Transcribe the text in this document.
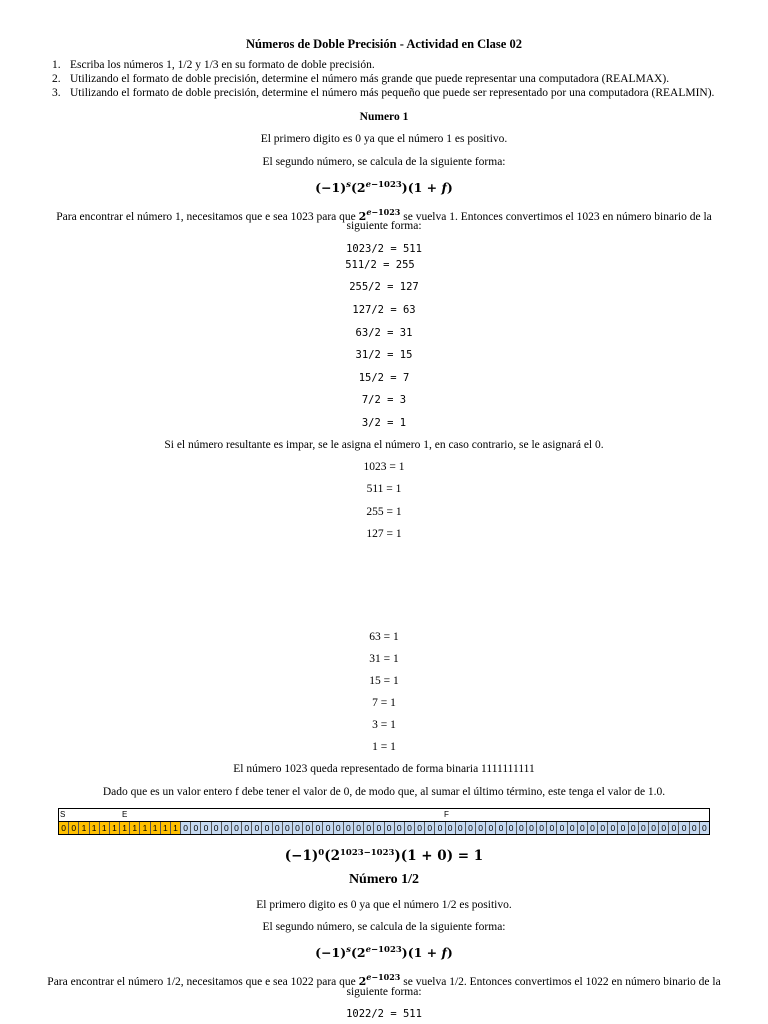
Números de Doble Precisión - Actividad en Clase 02
1. Escriba los números 1, 1/2 y 1/3 en su formato de doble precisión.
2. Utilizando el formato de doble precisión, determine el número más grande que puede representar una computadora (REALMAX).
3. Utilizando el formato de doble precisión, determine el número más pequeño que puede ser representado por una computadora (REALMIN).
Numero 1
El primero digito es 0 ya que el número 1 es positivo.
El segundo número, se calcula de la siguiente forma:
$(-1)^s(2^{e-1023})(1 + f)$
Para encontrar el número 1, necesitamos que e sea 1023 para que $2^{e-1023}$ se vuelva 1. Entonces convertimos el 1023 en número binario de la
siguiente forma:
1023/2 = 511
511/2 = 255
255/2 = 127
127/2 = 63
63/2 = 31
31/2 = 15
15/2 = 7
7/2 = 3
3/2 = 1
Si el número resultante es impar, se le asigna el número 1, en caso contrario, se le asignará el 0.
1023 = 1
511 = 1
255 = 1
127 = 1
63 = 1
31 = 1
15 = 1
7 = 1
3 = 1
1 = 1
El número 1023 queda representado de forma binaria 1111111111
Dado que es un valor entero f debe tener el valor de 0, de modo que, al sumar el último término, este tenga el valor de 1.0.
S	E	F
0 0 1 1 1 1 1 1 1 1 1 1 0 0 0 0 0 0 0 0 0 0 0 0 0 0 0 0 0 0 0 0 0 0 0 0 0 0 0 0 0 0 0 0 0 0 0 0 0 0 0 0 0 0 0 0 0 0 0 0 0 0 0 0
$(-1)^0(2^{1023-1023})(1 + 0) = 1$
Número 1/2
El primero digito es 0 ya que el número 1/2 es positivo.
El segundo número, se calcula de la siguiente forma:
$(-1)^s(2^{e-1023})(1 + f)$
Para encontrar el número 1/2, necesitamos que e sea 1022 para que $2^{e-1023}$ se vuelva 1/2. Entonces convertimos el 1022 en número binario de la
siguiente forma:
1022/2 = 511
